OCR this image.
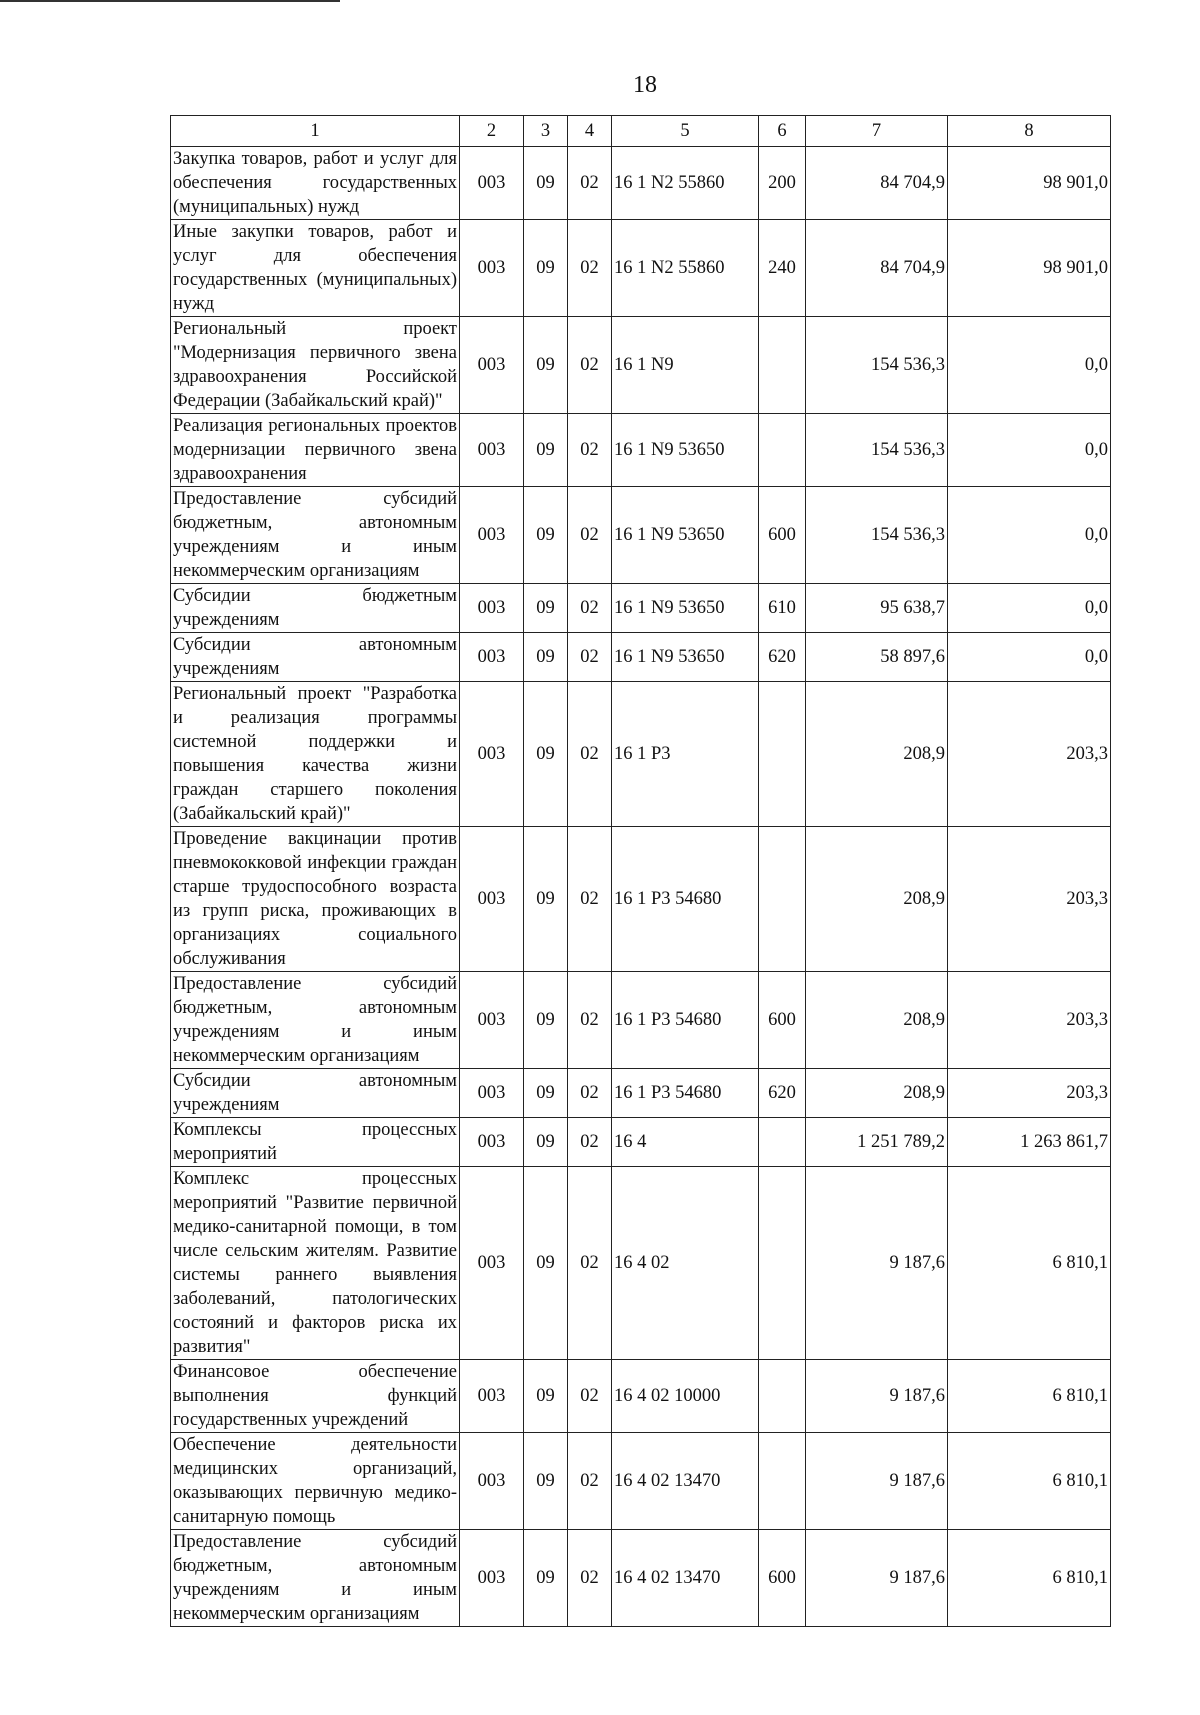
18
1	2	3	4	5	6	7	8
Закупка товаров, работ и услуг для обеспечения государственных (муниципальных) нужд	003	09	02	16 1 N2 55860	200	84 704,9	98 901,0
Иные закупки товаров, работ и услуг для обеспечения государственных (муниципальных) нужд	003	09	02	16 1 N2 55860	240	84 704,9	98 901,0
Региональный проект "Модернизация первичного звена здравоохранения Российской Федерации (Забайкальский край)"	003	09	02	16 1 N9		154 536,3	0,0
Реализация региональных проектов модернизации первичного звена здравоохранения	003	09	02	16 1 N9 53650		154 536,3	0,0
Предоставление субсидий бюджетным, автономным учреждениям и иным некоммерческим организациям	003	09	02	16 1 N9 53650	600	154 536,3	0,0
Субсидии бюджетным учреждениям	003	09	02	16 1 N9 53650	610	95 638,7	0,0
Субсидии автономным учреждениям	003	09	02	16 1 N9 53650	620	58 897,6	0,0
Региональный проект "Разработка и реализация программы системной поддержки и повышения качества жизни граждан старшего поколения (Забайкальский край)"	003	09	02	16 1 P3		208,9	203,3
Проведение вакцинации против пневмококковой инфекции граждан старше трудоспособного возраста из групп риска, проживающих в организациях социального обслуживания	003	09	02	16 1 P3 54680		208,9	203,3
Предоставление субсидий бюджетным, автономным учреждениям и иным некоммерческим организациям	003	09	02	16 1 P3 54680	600	208,9	203,3
Субсидии автономным учреждениям	003	09	02	16 1 P3 54680	620	208,9	203,3
Комплексы процессных мероприятий	003	09	02	16 4		1 251 789,2	1 263 861,7
Комплекс процессных мероприятий "Развитие первичной медико-санитарной помощи, в том числе сельским жителям. Развитие системы раннего выявления заболеваний, патологических состояний и факторов риска их развития"	003	09	02	16 4 02		9 187,6	6 810,1
Финансовое обеспечение выполнения функций государственных учреждений	003	09	02	16 4 02 10000		9 187,6	6 810,1
Обеспечение деятельности медицинских организаций, оказывающих первичную медико-санитарную помощь	003	09	02	16 4 02 13470		9 187,6	6 810,1
Предоставление субсидий бюджетным, автономным учреждениям и иным некоммерческим организациям	003	09	02	16 4 02 13470	600	9 187,6	6 810,1
